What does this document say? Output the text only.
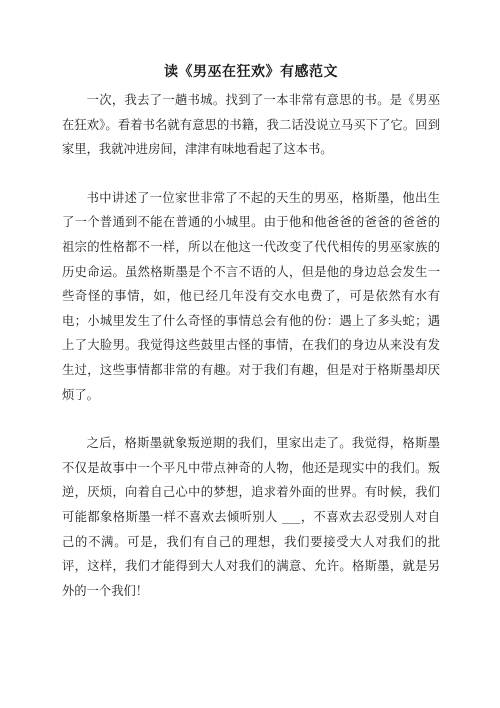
读《男巫在狂欢》有感范文

一次，我去了一趟书城。找到了一本非常有意思的书。是《男巫在狂欢》。看着书名就有意思的书籍，我二话没说立马买下了它。回到家里，我就冲进房间，津津有味地看起了这本书。

书中讲述了一位家世非常了不起的天生的男巫，格斯墨，他出生了一个普通到不能在普通的小城里。由于他和他爸爸的爸爸的爸爸的祖宗的性格都不一样，所以在他这一代改变了代代相传的男巫家族的历史命运。虽然格斯墨是个不言不语的人，但是他的身边总会发生一些奇怪的事情，如，他已经几年没有交水电费了，可是依然有水有电；小城里发生了什么奇怪的事情总会有他的份：遇上了多头蛇；遇上了大脸男。我觉得这些鼓里古怪的事情，在我们的身边从来没有发生过，这些事情都非常的有趣。对于我们有趣，但是对于格斯墨却厌烦了。

之后，格斯墨就象叛逆期的我们，里家出走了。我觉得，格斯墨不仅是故事中一个平凡中带点神奇的人物，他还是现实中的我们。叛逆，厌烦，向着自己心中的梦想，追求着外面的世界。有时候，我们可能都象格斯墨一样不喜欢去倾听别人 ___，不喜欢去忍受别人对自己的不满。可是，我们有自己的理想，我们要接受大人对我们的批评，这样，我们才能得到大人对我们的满意、允许。格斯墨，就是另外的一个我们！
